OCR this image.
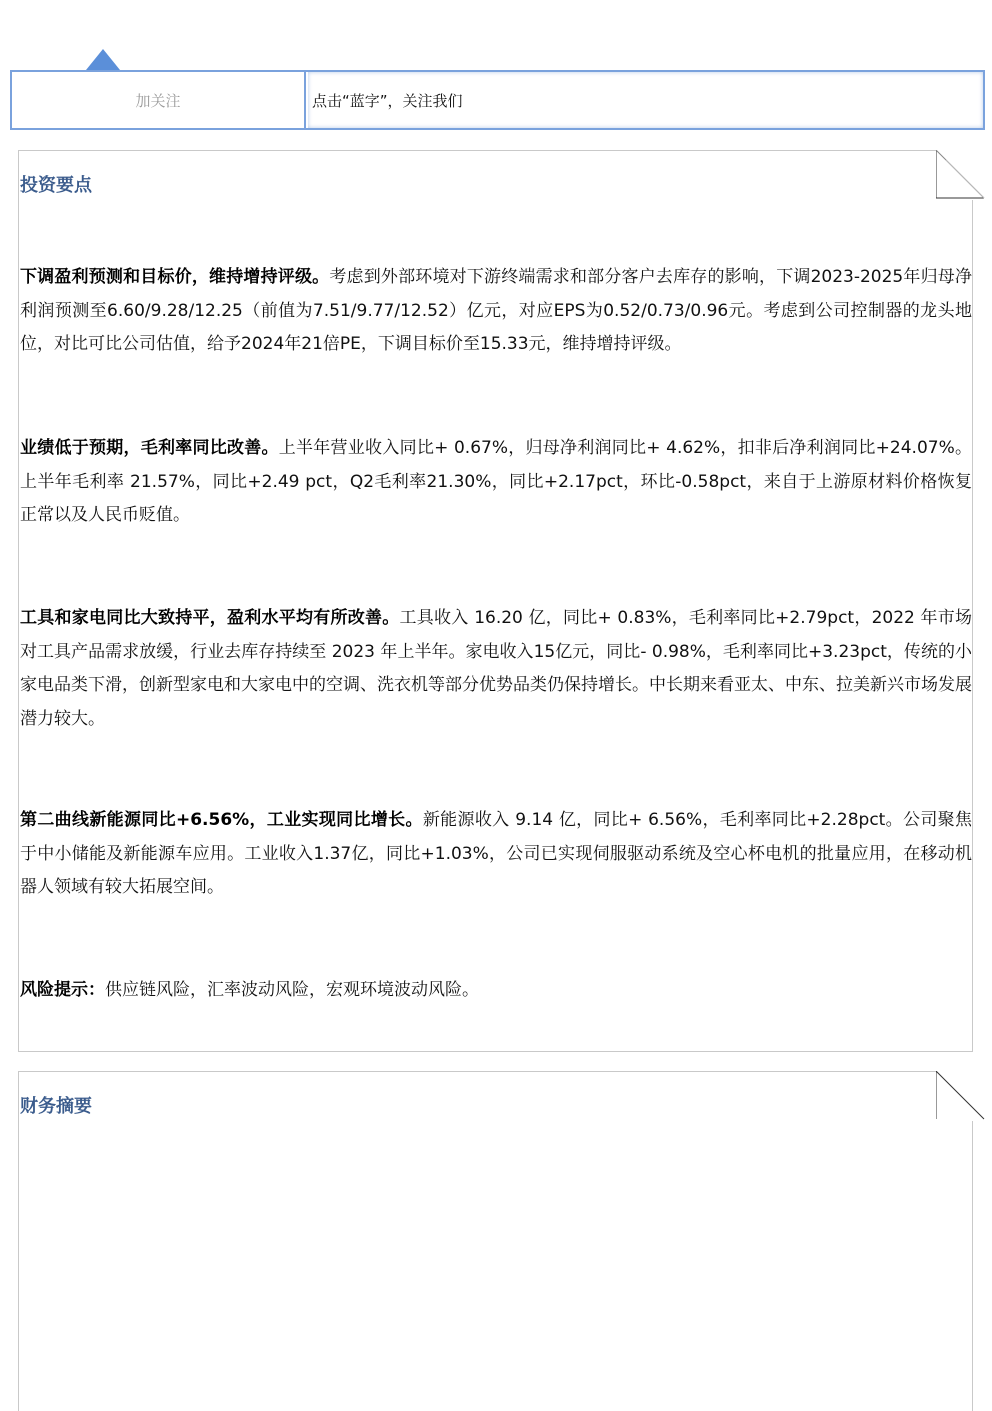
加关注	点击“蓝字”，关注我们
投资要点

下调盈利预测和目标价，维持增持评级。考虑到外部环境对下游终端需求和部分客户去库存的影响，下调2023-2025年归母净利润预测至6.60/9.28/12.25（前值为7.51/9.77/12.52）亿元，对应EPS为0.52/0.73/0.96元。考虑到公司控制器的龙头地位，对比可比公司估值，给予2024年21倍PE，下调目标价至15.33元，维持增持评级。

业绩低于预期，毛利率同比改善。上半年营业收入同比+ 0.67%，归母净利润同比+ 4.62%，扣非后净利润同比+24.07%。上半年毛利率 21.57%，同比+2.49 pct，Q2毛利率21.30%，同比+2.17pct，环比-0.58pct，来自于上游原材料价格恢复正常以及人民币贬值。

工具和家电同比大致持平，盈利水平均有所改善。工具收入 16.20 亿，同比+ 0.83%，毛利率同比+2.79pct，2022 年市场对工具产品需求放缓，行业去库存持续至 2023 年上半年。家电收入15亿元，同比- 0.98%，毛利率同比+3.23pct，传统的小家电品类下滑，创新型家电和大家电中的空调、洗衣机等部分优势品类仍保持增长。中长期来看亚太、中东、拉美新兴市场发展潜力较大。

第二曲线新能源同比+6.56%，工业实现同比增长。新能源收入 9.14 亿，同比+ 6.56%，毛利率同比+2.28pct。公司聚焦于中小储能及新能源车应用。工业收入1.37亿，同比+1.03%，公司已实现伺服驱动系统及空心杯电机的批量应用，在移动机器人领域有较大拓展空间。

风险提示：供应链风险，汇率波动风险，宏观环境波动风险。

财务摘要
